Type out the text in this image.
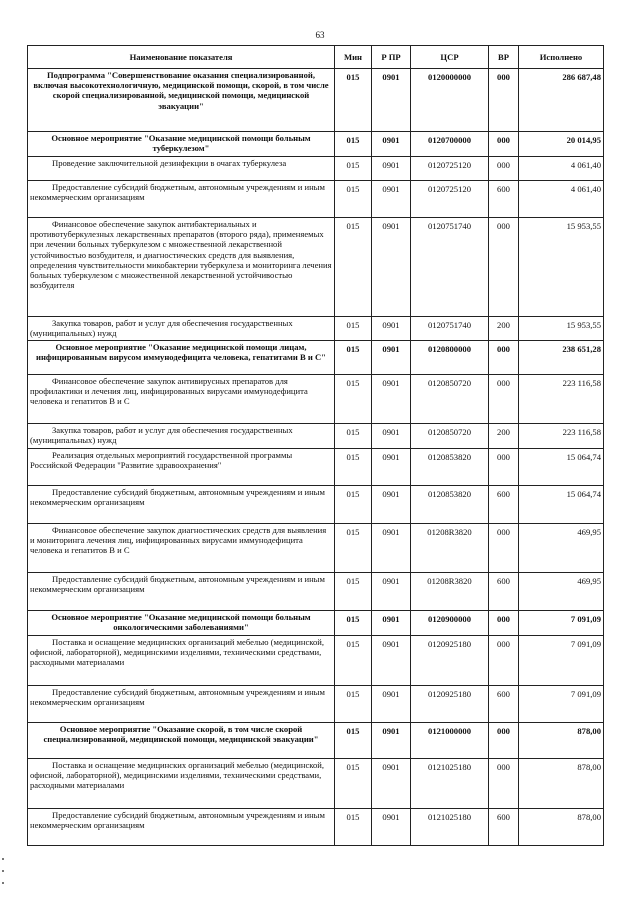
63
Наименование показателя	Мин	Р ПР	ЦСР	ВР	Исполнено
Подпрограмма "Совершенствование оказания специализированной, включая высокотехнологичную, медицинской помощи, скорой, в том числе скорой специализированной, медицинской помощи, медицинской эвакуации"	015	0901	0120000000	000	286 687,48
Основное мероприятие "Оказание медицинской помощи больным туберкулезом"	015	0901	0120700000	000	20 014,95
Проведение заключительной дезинфекции в очагах туберкулеза	015	0901	0120725120	000	4 061,40
Предоставление субсидий бюджетным, автономным учреждениям и иным некоммерческим организациям	015	0901	0120725120	600	4 061,40
Финансовое обеспечение закупок антибактериальных и противотуберкулезных лекарственных препаратов (второго ряда), применяемых при лечении больных туберкулезом с множественной лекарственной устойчивостью возбудителя, и диагностических средств для выявления, определения чувствительности микобактерии туберкулеза и мониторинга лечения больных туберкулезом с множественной лекарственной устойчивостью возбудителя	015	0901	0120751740	000	15 953,55
Закупка товаров, работ и услуг для обеспечения государственных (муниципальных) нужд	015	0901	0120751740	200	15 953,55
Основное мероприятие "Оказание медицинской помощи лицам, инфицированным вирусом иммунодефицита человека, гепатитами В и С"	015	0901	0120800000	000	238 651,28
Финансовое обеспечение закупок антивирусных препаратов для профилактики и лечения лиц, инфицированных вирусами иммунодефицита человека и гепатитов В и С	015	0901	0120850720	000	223 116,58
Закупка товаров, работ и услуг для обеспечения государственных (муниципальных) нужд	015	0901	0120850720	200	223 116,58
Реализация отдельных мероприятий государственной программы Российской Федерации "Развитие здравоохранения"	015	0901	0120853820	000	15 064,74
Предоставление субсидий бюджетным, автономным учреждениям и иным некоммерческим организациям	015	0901	0120853820	600	15 064,74
Финансовое обеспечение закупок диагностических средств для выявления и мониторинга лечения лиц, инфицированных вирусами иммунодефицита человека и гепатитов В и С	015	0901	01208R3820	000	469,95
Предоставление субсидий бюджетным, автономным учреждениям и иным некоммерческим организациям	015	0901	01208R3820	600	469,95
Основное мероприятие "Оказание медицинской помощи больным онкологическими заболеваниями"	015	0901	0120900000	000	7 091,09
Поставка и оснащение медицинских организаций мебелью (медицинской, офисной, лабораторной), медицинскими изделиями, техническими средствами, расходными материалами	015	0901	0120925180	000	7 091,09
Предоставление субсидий бюджетным, автономным учреждениям и иным некоммерческим организациям	015	0901	0120925180	600	7 091,09
Основное мероприятие "Оказание скорой, в том числе скорой специализированной, медицинской помощи, медицинской эвакуации"	015	0901	0121000000	000	878,00
Поставка и оснащение медицинских организаций мебелью (медицинской, офисной, лабораторной), медицинскими изделиями, техническими средствами, расходными материалами	015	0901	0121025180	000	878,00
Предоставление субсидий бюджетным, автономным учреждениям и иным некоммерческим организациям	015	0901	0121025180	600	878,00
